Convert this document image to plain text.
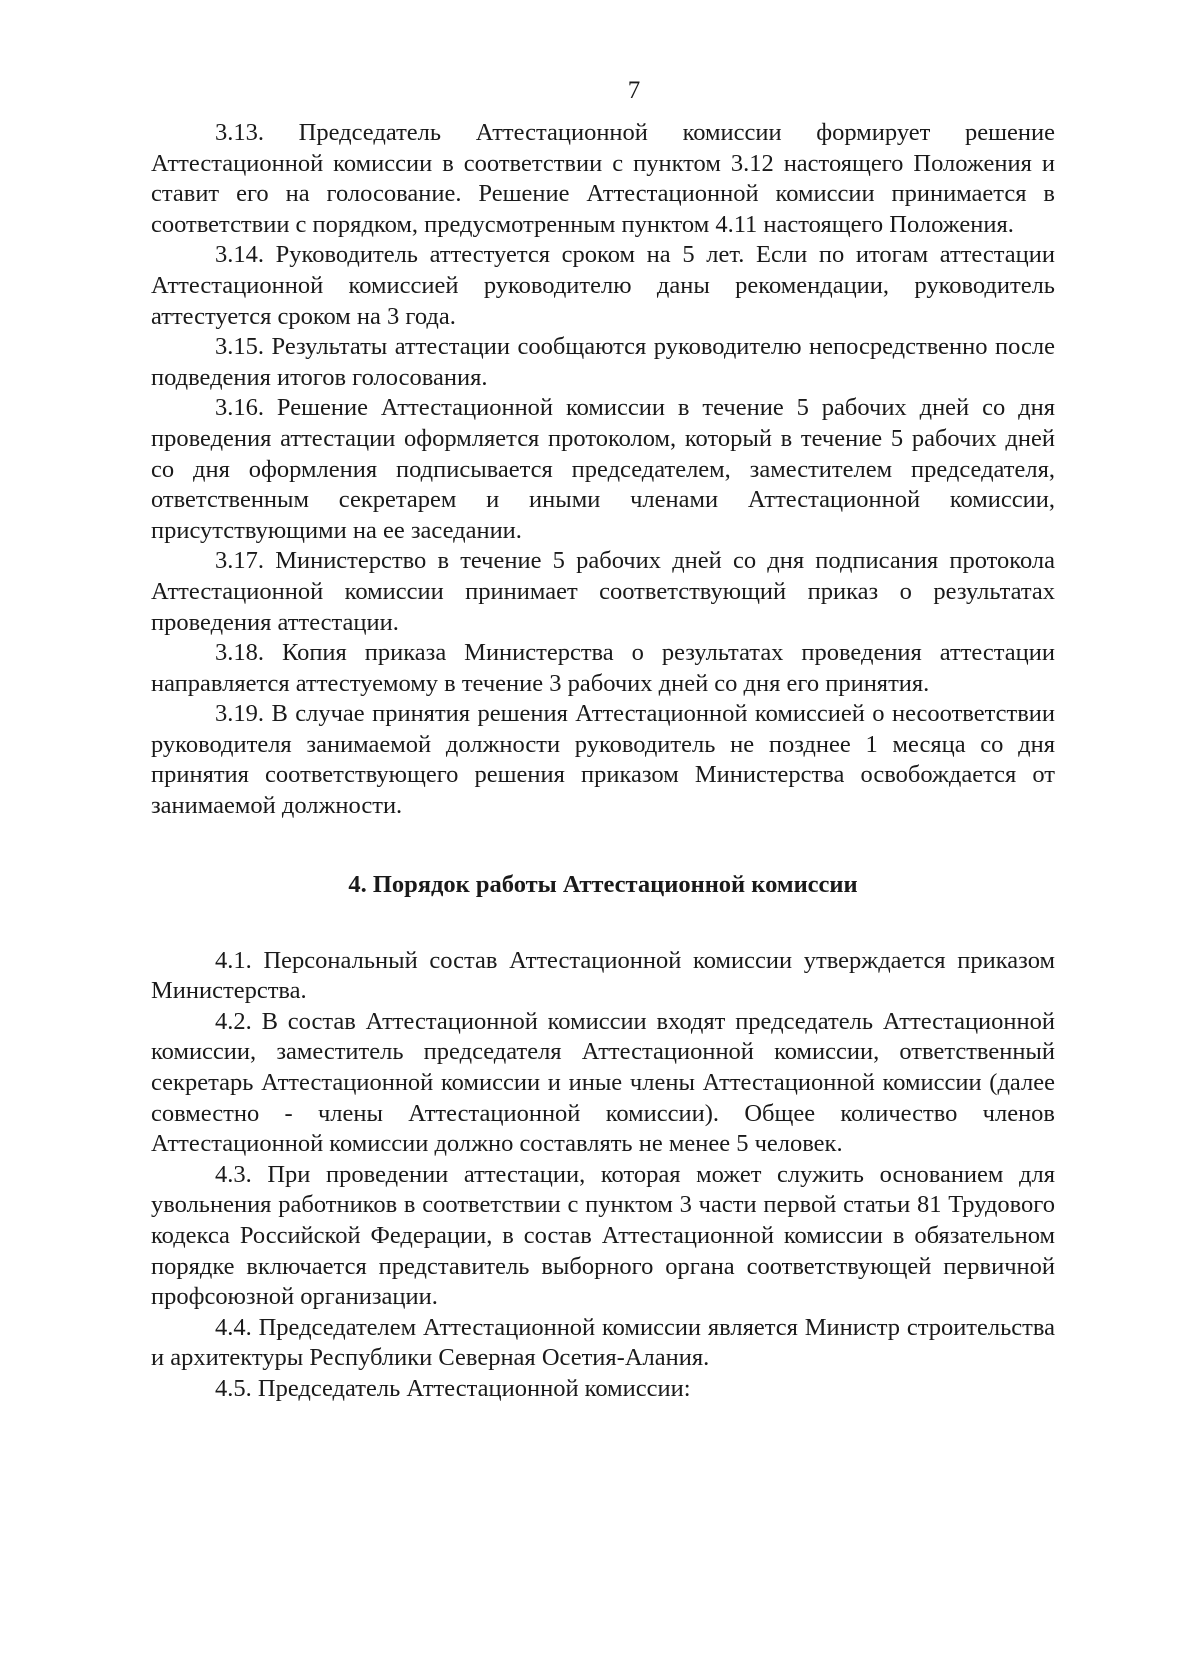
7

3.13. Председатель Аттестационной комиссии формирует решение Аттестационной комиссии в соответствии с пунктом 3.12 настоящего Положения и ставит его на голосование. Решение Аттестационной комиссии принимается в соответствии с порядком, предусмотренным пунктом 4.11 настоящего Положения.

3.14. Руководитель аттестуется сроком на 5 лет. Если по итогам аттестации Аттестационной комиссией руководителю даны рекомендации, руководитель аттестуется сроком на 3 года.

3.15. Результаты аттестации сообщаются руководителю непосредственно после подведения итогов голосования.

3.16. Решение Аттестационной комиссии в течение 5 рабочих дней со дня проведения аттестации оформляется протоколом, который в течение 5 рабочих дней со дня оформления подписывается председателем, заместителем председателя, ответственным секретарем и иными членами Аттестационной комиссии, присутствующими на ее заседании.

3.17. Министерство в течение 5 рабочих дней со дня подписания протокола Аттестационной комиссии принимает соответствующий приказ о результатах проведения аттестации.

3.18. Копия приказа Министерства о результатах проведения аттестации направляется аттестуемому в течение 3 рабочих дней со дня его принятия.

3.19. В случае принятия решения Аттестационной комиссией о несоответствии руководителя занимаемой должности руководитель не позднее 1 месяца со дня принятия соответствующего решения приказом Министерства освобождается от занимаемой должности.

4. Порядок работы Аттестационной комиссии

4.1. Персональный состав Аттестационной комиссии утверждается приказом Министерства.

4.2. В состав Аттестационной комиссии входят председатель Аттестационной комиссии, заместитель председателя Аттестационной комиссии, ответственный секретарь Аттестационной комиссии и иные члены Аттестационной комиссии (далее совместно - члены Аттестационной комиссии). Общее количество членов Аттестационной комиссии должно составлять не менее 5 человек.

4.3. При проведении аттестации, которая может служить основанием для увольнения работников в соответствии с пунктом 3 части первой статьи 81 Трудового кодекса Российской Федерации, в состав Аттестационной комиссии в обязательном порядке включается представитель выборного органа соответствующей первичной профсоюзной организации.

4.4. Председателем Аттестационной комиссии является Министр строительства и архитектуры Республики Северная Осетия-Алания.

4.5. Председатель Аттестационной комиссии:
